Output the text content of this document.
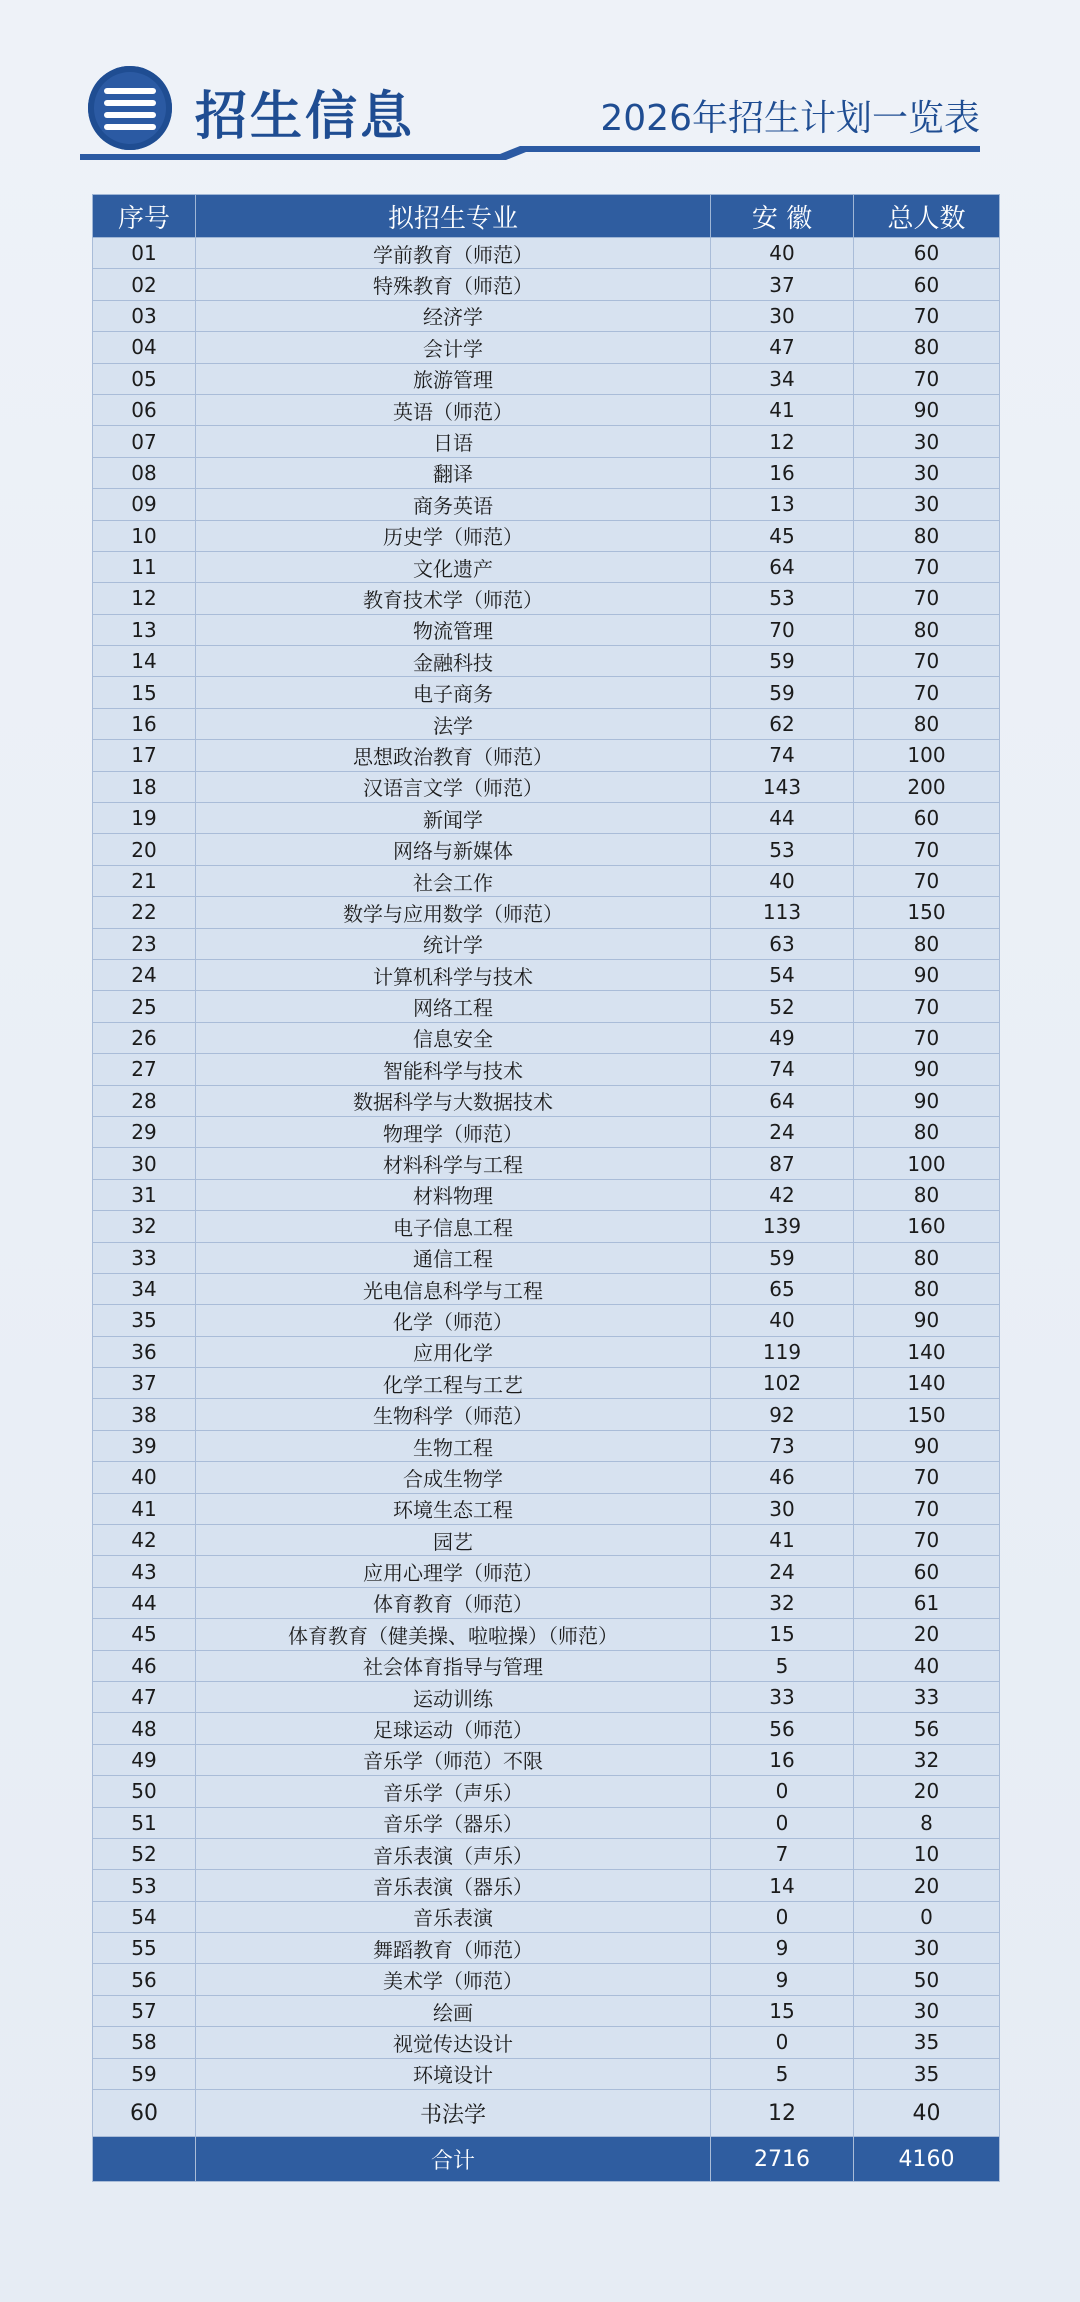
招生信息	2026年招生计划一览表
序号	拟招生专业	安 徽	总人数
01	学前教育（师范）	40	60
02	特殊教育（师范）	37	60
03	经济学	30	70
04	会计学	47	80
05	旅游管理	34	70
06	英语（师范）	41	90
07	日语	12	30
08	翻译	16	30
09	商务英语	13	30
10	历史学（师范）	45	80
11	文化遗产	64	70
12	教育技术学（师范）	53	70
13	物流管理	70	80
14	金融科技	59	70
15	电子商务	59	70
16	法学	62	80
17	思想政治教育（师范）	74	100
18	汉语言文学（师范）	143	200
19	新闻学	44	60
20	网络与新媒体	53	70
21	社会工作	40	70
22	数学与应用数学（师范）	113	150
23	统计学	63	80
24	计算机科学与技术	54	90
25	网络工程	52	70
26	信息安全	49	70
27	智能科学与技术	74	90
28	数据科学与大数据技术	64	90
29	物理学（师范）	24	80
30	材料科学与工程	87	100
31	材料物理	42	80
32	电子信息工程	139	160
33	通信工程	59	80
34	光电信息科学与工程	65	80
35	化学（师范）	40	90
36	应用化学	119	140
37	化学工程与工艺	102	140
38	生物科学（师范）	92	150
39	生物工程	73	90
40	合成生物学	46	70
41	环境生态工程	30	70
42	园艺	41	70
43	应用心理学（师范）	24	60
44	体育教育（师范）	32	61
45	体育教育（健美操、啦啦操）（师范）	15	20
46	社会体育指导与管理	5	40
47	运动训练	33	33
48	足球运动（师范）	56	56
49	音乐学（师范）不限	16	32
50	音乐学（声乐）	0	20
51	音乐学（器乐）	0	8
52	音乐表演（声乐）	7	10
53	音乐表演（器乐）	14	20
54	音乐表演	0	0
55	舞蹈教育（师范）	9	30
56	美术学（师范）	9	50
57	绘画	15	30
58	视觉传达设计	0	35
59	环境设计	5	35
60	书法学	12	40
	合计	2716	4160
